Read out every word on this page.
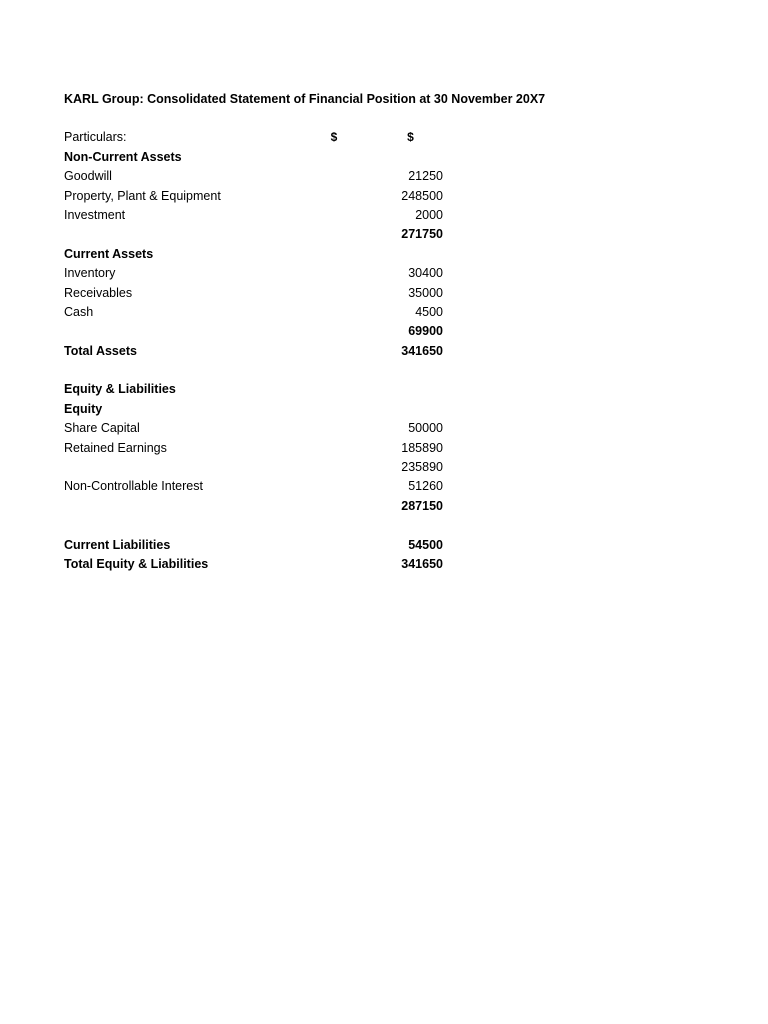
KARL Group: Consolidated Statement of Financial Position at 30 November 20X7
Particulars:	$	$
Non-Current Assets
Goodwill	21250
Property, Plant & Equipment	248500
Investment	2000
271750
Current Assets
Inventory	30400
Receivables	35000
Cash	4500
69900
Total Assets	341650
Equity & Liabilities
Equity
Share Capital	50000
Retained Earnings	185890
235890
Non-Controllable Interest	51260
287150
Current Liabilities	54500
Total Equity & Liabilities	341650
